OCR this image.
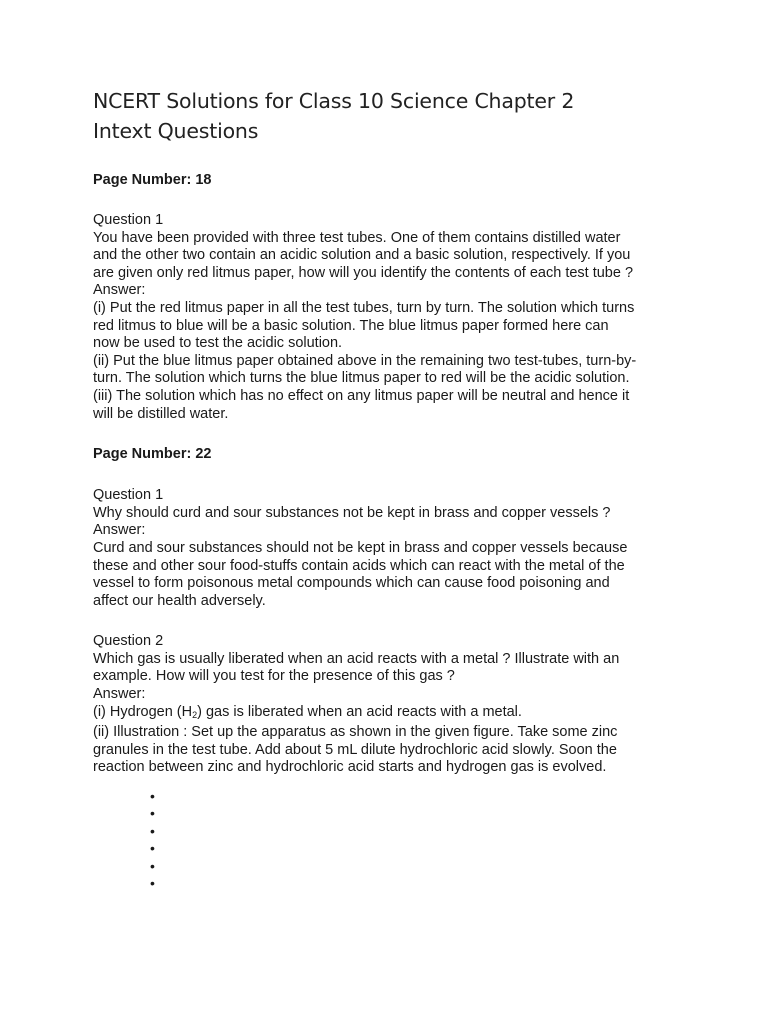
NCERT Solutions for Class 10 Science Chapter 2
Intext Questions

Page Number: 18

Question 1
You have been provided with three test tubes. One of them contains distilled water
and the other two contain an acidic solution and a basic solution, respectively. If you
are given only red litmus paper, how will you identify the contents of each test tube ?
Answer:
(i) Put the red litmus paper in all the test tubes, turn by turn. The solution which turns
red litmus to blue will be a basic solution. The blue litmus paper formed here can
now be used to test the acidic solution.
(ii) Put the blue litmus paper obtained above in the remaining two test-tubes, turn-by-
turn. The solution which turns the blue litmus paper to red will be the acidic solution.
(iii) The solution which has no effect on any litmus paper will be neutral and hence it
will be distilled water.

Page Number: 22

Question 1
Why should curd and sour substances not be kept in brass and copper vessels ?
Answer:
Curd and sour substances should not be kept in brass and copper vessels because
these and other sour food-stuffs contain acids which can react with the metal of the
vessel to form poisonous metal compounds which can cause food poisoning and
affect our health adversely.
Question 2
Which gas is usually liberated when an acid reacts with a metal ? Illustrate with an
example. How will you test for the presence of this gas ?
Answer:
(i) Hydrogen $(H_2)$ gas is liberated when an acid reacts with a metal.
(ii) Illustration : Set up the apparatus as shown in the given figure. Take some zinc
granules in the test tube. Add about 5 mL dilute hydrochloric acid slowly. Soon the
reaction between zinc and hydrochloric acid starts and hydrogen gas is evolved.
•
•
•
•
•
•
